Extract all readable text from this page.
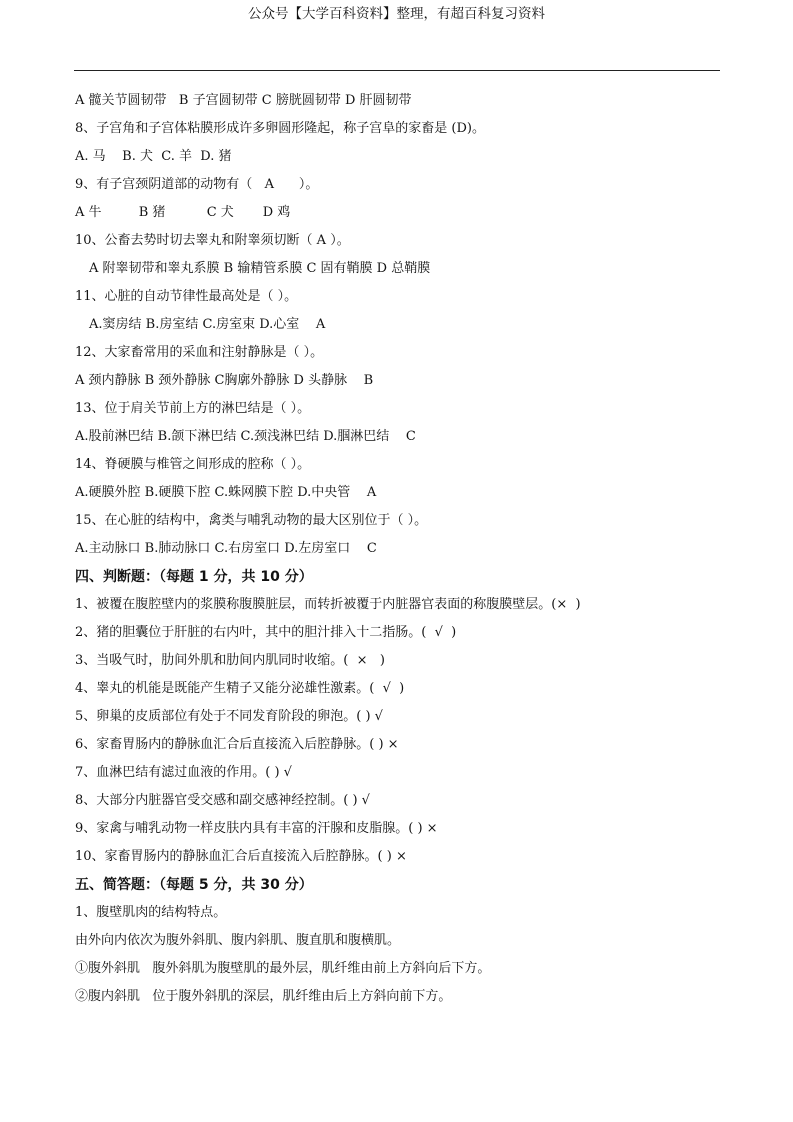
公众号【大学百科资料】整理，有超百科复习资料
A 髋关节圆韧带   B 子宫圆韧带 C 膀胱圆韧带 D 肝圆韧带
8、子宫角和子宫体粘膜形成许多卵圆形隆起，称子宫阜的家畜是 (D)。
A. 马    B. 犬  C. 羊  D. 猪
9、有子宫颈阴道部的动物有（   A      ）。
A 牛         B 猪          C 犬       D 鸡
10、公畜去势时切去睾丸和附睾须切断（ A ）。
A 附睾韧带和睾丸系膜 B 输精管系膜 C 固有鞘膜 D 总鞘膜
11、心脏的自动节律性最高处是（ ）。
A.窦房结 B.房室结 C.房室束 D.心室    A
12、大家畜常用的采血和注射静脉是（ ）。
A 颈内静脉 B 颈外静脉 C胸廓外静脉 D 头静脉    B
13、位于肩关节前上方的淋巴结是（ ）。
A.股前淋巴结 B.颌下淋巴结 C.颈浅淋巴结 D.腘淋巴结    C
14、脊硬膜与椎管之间形成的腔称（ ）。
A.硬膜外腔 B.硬膜下腔 C.蛛网膜下腔 D.中央管    A
15、在心脏的结构中，禽类与哺乳动物的最大区别位于（ ）。
A.主动脉口 B.肺动脉口 C.右房室口 D.左房室口    C
四、判断题：（每题 1 分，共 10 分）
1、被覆在腹腔壁内的浆膜称腹膜脏层，而转折被覆于内脏器官表面的称腹膜壁层。(×  )
2、猪的胆囊位于肝脏的右内叶，其中的胆汁排入十二指肠。(  √  )
3、当吸气时，肋间外肌和肋间内肌同时收缩。(  ×   )
4、睾丸的机能是既能产生精子又能分泌雄性激素。(  √  )
5、卵巢的皮质部位有处于不同发育阶段的卵泡。( ) √
6、家畜胃肠内的静脉血汇合后直接流入后腔静脉。( ) ×
7、血淋巴结有滤过血液的作用。( ) √
8、大部分内脏器官受交感和副交感神经控制。( ) √
9、家禽与哺乳动物一样皮肤内具有丰富的汗腺和皮脂腺。( ) ×
10、家畜胃肠内的静脉血汇合后直接流入后腔静脉。( ) ×
五、简答题：（每题 5 分，共 30 分）
1、腹壁肌肉的结构特点。
由外向内依次为腹外斜肌、腹内斜肌、腹直肌和腹横肌。
①腹外斜肌   腹外斜肌为腹壁肌的最外层，肌纤维由前上方斜向后下方。
②腹内斜肌   位于腹外斜肌的深层，肌纤维由后上方斜向前下方。
